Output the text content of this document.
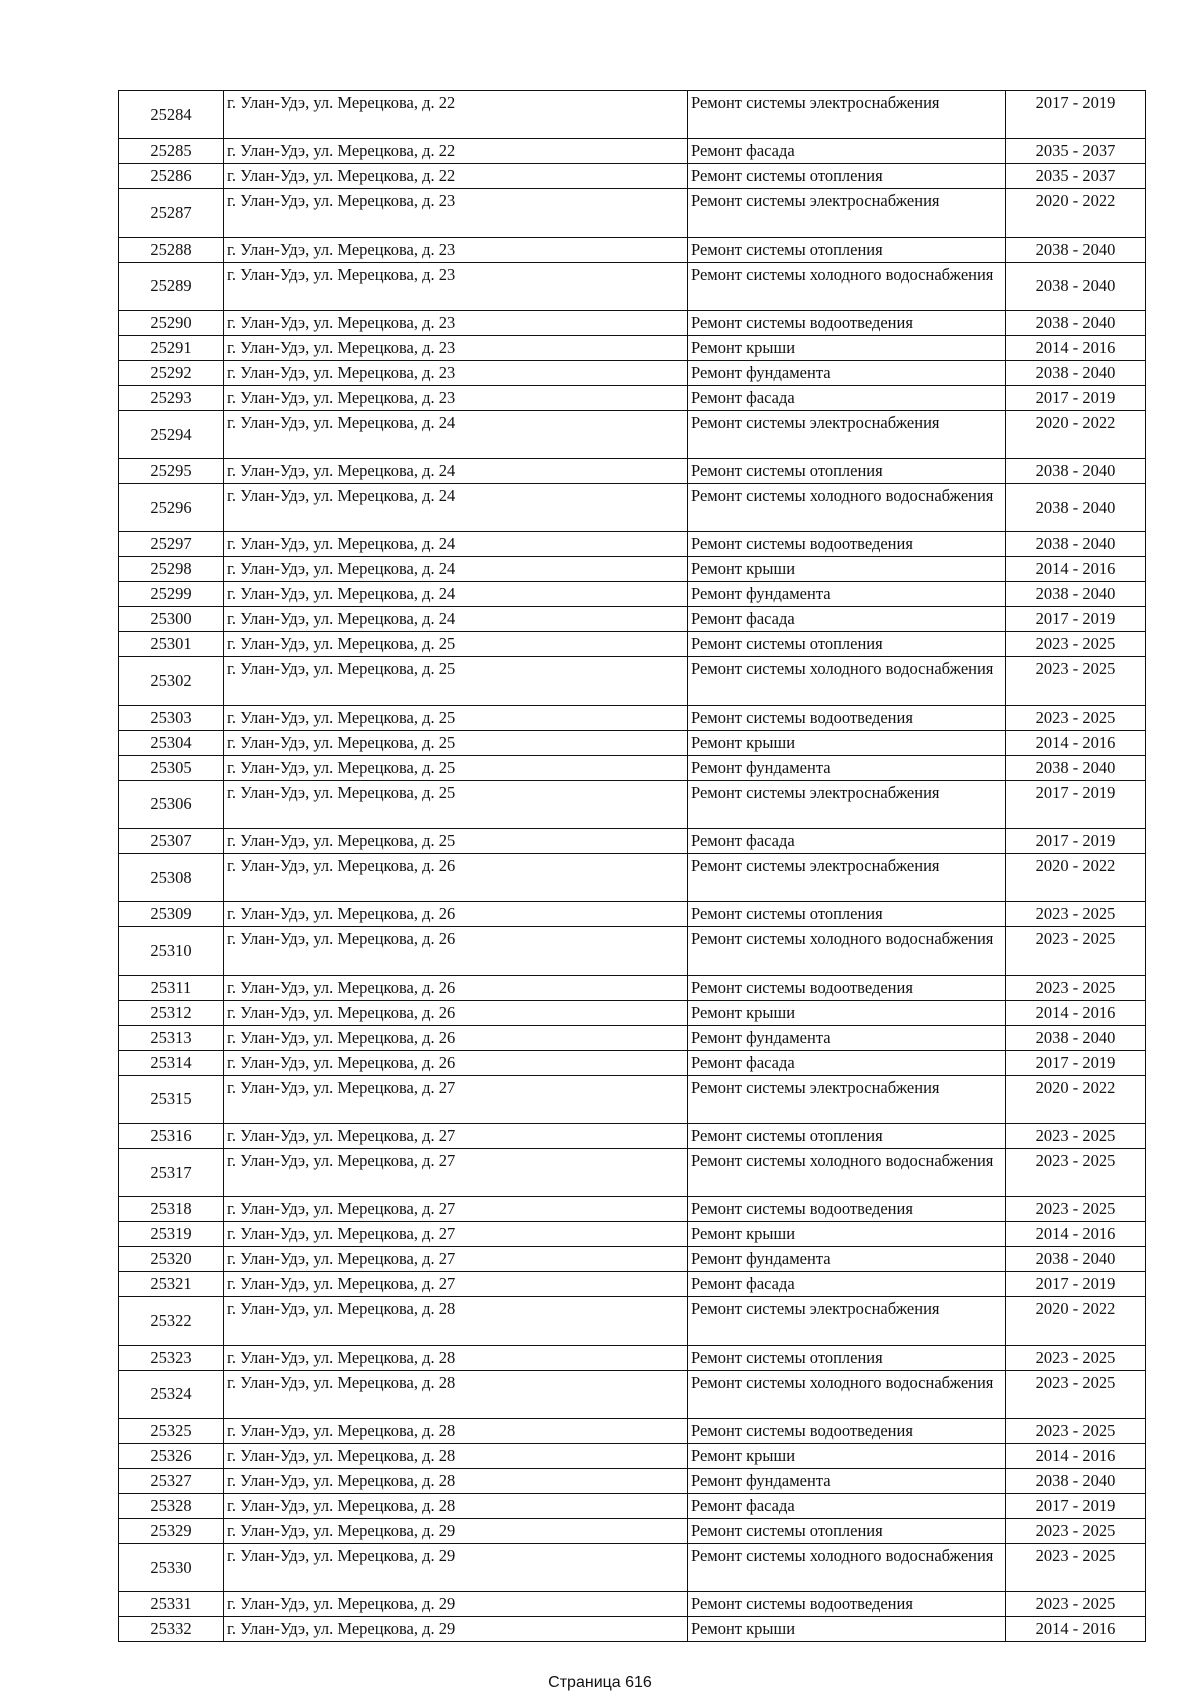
25284	г. Улан-Удэ, ул. Мерецкова, д. 22	Ремонт системы электроснабжения	2017 - 2019
25285	г. Улан-Удэ, ул. Мерецкова, д. 22	Ремонт фасада	2035 - 2037
25286	г. Улан-Удэ, ул. Мерецкова, д. 22	Ремонт системы отопления	2035 - 2037
25287	г. Улан-Удэ, ул. Мерецкова, д. 23	Ремонт системы электроснабжения	2020 - 2022
25288	г. Улан-Удэ, ул. Мерецкова, д. 23	Ремонт системы отопления	2038 - 2040
25289	г. Улан-Удэ, ул. Мерецкова, д. 23	Ремонт системы холодного водоснабжения	2038 - 2040
25290	г. Улан-Удэ, ул. Мерецкова, д. 23	Ремонт системы водоотведения	2038 - 2040
25291	г. Улан-Удэ, ул. Мерецкова, д. 23	Ремонт крыши	2014 - 2016
25292	г. Улан-Удэ, ул. Мерецкова, д. 23	Ремонт фундамента	2038 - 2040
25293	г. Улан-Удэ, ул. Мерецкова, д. 23	Ремонт фасада	2017 - 2019
25294	г. Улан-Удэ, ул. Мерецкова, д. 24	Ремонт системы электроснабжения	2020 - 2022
25295	г. Улан-Удэ, ул. Мерецкова, д. 24	Ремонт системы отопления	2038 - 2040
25296	г. Улан-Удэ, ул. Мерецкова, д. 24	Ремонт системы холодного водоснабжения	2038 - 2040
25297	г. Улан-Удэ, ул. Мерецкова, д. 24	Ремонт системы водоотведения	2038 - 2040
25298	г. Улан-Удэ, ул. Мерецкова, д. 24	Ремонт крыши	2014 - 2016
25299	г. Улан-Удэ, ул. Мерецкова, д. 24	Ремонт фундамента	2038 - 2040
25300	г. Улан-Удэ, ул. Мерецкова, д. 24	Ремонт фасада	2017 - 2019
25301	г. Улан-Удэ, ул. Мерецкова, д. 25	Ремонт системы отопления	2023 - 2025
25302	г. Улан-Удэ, ул. Мерецкова, д. 25	Ремонт системы холодного водоснабжения	2023 - 2025
25303	г. Улан-Удэ, ул. Мерецкова, д. 25	Ремонт системы водоотведения	2023 - 2025
25304	г. Улан-Удэ, ул. Мерецкова, д. 25	Ремонт крыши	2014 - 2016
25305	г. Улан-Удэ, ул. Мерецкова, д. 25	Ремонт фундамента	2038 - 2040
25306	г. Улан-Удэ, ул. Мерецкова, д. 25	Ремонт системы электроснабжения	2017 - 2019
25307	г. Улан-Удэ, ул. Мерецкова, д. 25	Ремонт фасада	2017 - 2019
25308	г. Улан-Удэ, ул. Мерецкова, д. 26	Ремонт системы электроснабжения	2020 - 2022
25309	г. Улан-Удэ, ул. Мерецкова, д. 26	Ремонт системы отопления	2023 - 2025
25310	г. Улан-Удэ, ул. Мерецкова, д. 26	Ремонт системы холодного водоснабжения	2023 - 2025
25311	г. Улан-Удэ, ул. Мерецкова, д. 26	Ремонт системы водоотведения	2023 - 2025
25312	г. Улан-Удэ, ул. Мерецкова, д. 26	Ремонт крыши	2014 - 2016
25313	г. Улан-Удэ, ул. Мерецкова, д. 26	Ремонт фундамента	2038 - 2040
25314	г. Улан-Удэ, ул. Мерецкова, д. 26	Ремонт фасада	2017 - 2019
25315	г. Улан-Удэ, ул. Мерецкова, д. 27	Ремонт системы электроснабжения	2020 - 2022
25316	г. Улан-Удэ, ул. Мерецкова, д. 27	Ремонт системы отопления	2023 - 2025
25317	г. Улан-Удэ, ул. Мерецкова, д. 27	Ремонт системы холодного водоснабжения	2023 - 2025
25318	г. Улан-Удэ, ул. Мерецкова, д. 27	Ремонт системы водоотведения	2023 - 2025
25319	г. Улан-Удэ, ул. Мерецкова, д. 27	Ремонт крыши	2014 - 2016
25320	г. Улан-Удэ, ул. Мерецкова, д. 27	Ремонт фундамента	2038 - 2040
25321	г. Улан-Удэ, ул. Мерецкова, д. 27	Ремонт фасада	2017 - 2019
25322	г. Улан-Удэ, ул. Мерецкова, д. 28	Ремонт системы электроснабжения	2020 - 2022
25323	г. Улан-Удэ, ул. Мерецкова, д. 28	Ремонт системы отопления	2023 - 2025
25324	г. Улан-Удэ, ул. Мерецкова, д. 28	Ремонт системы холодного водоснабжения	2023 - 2025
25325	г. Улан-Удэ, ул. Мерецкова, д. 28	Ремонт системы водоотведения	2023 - 2025
25326	г. Улан-Удэ, ул. Мерецкова, д. 28	Ремонт крыши	2014 - 2016
25327	г. Улан-Удэ, ул. Мерецкова, д. 28	Ремонт фундамента	2038 - 2040
25328	г. Улан-Удэ, ул. Мерецкова, д. 28	Ремонт фасада	2017 - 2019
25329	г. Улан-Удэ, ул. Мерецкова, д. 29	Ремонт системы отопления	2023 - 2025
25330	г. Улан-Удэ, ул. Мерецкова, д. 29	Ремонт системы холодного водоснабжения	2023 - 2025
25331	г. Улан-Удэ, ул. Мерецкова, д. 29	Ремонт системы водоотведения	2023 - 2025
25332	г. Улан-Удэ, ул. Мерецкова, д. 29	Ремонт крыши	2014 - 2016
Страница 616
